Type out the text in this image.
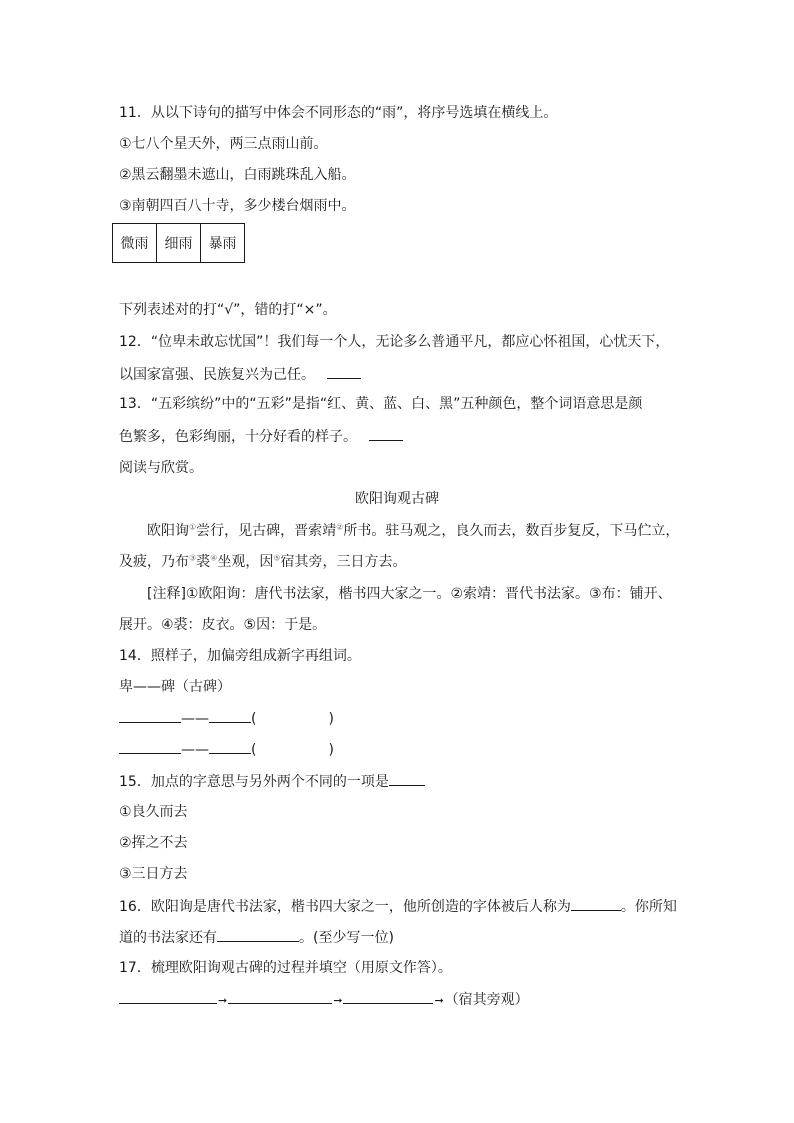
11．从以下诗句的描写中体会不同形态的“雨”，将序号选填在横线上。
①七八个星天外，两三点雨山前。
②黑云翻墨未遮山，白雨跳珠乱入船。
③南朝四百八十寺，多少楼台烟雨中。
微雨	细雨	暴雨
下列表述对的打“√”，错的打“×”。
12．“位卑未敢忘忧国”！我们每一个人，无论多么普通平凡，都应心怀祖国，心忧天下，
以国家富强、民族复兴为己任。
13．“五彩缤纷”中的“五彩”是指“红、黄、蓝、白、黑”五种颜色，整个词语意思是颜
色繁多，色彩绚丽，十分好看的样子。
阅读与欣赏。
欧阳询观古碑
欧阳询①尝行，见古碑，晋索靖②所书。驻马观之，良久而去，数百步复反，下马伫立，
及疲，乃布③裘④坐观，因⑤宿其旁，三日方去。
[注释]①欧阳询：唐代书法家，楷书四大家之一。②索靖：晋代书法家。③布：铺开、
展开。④裘：皮衣。⑤因：于是。
14．照样子，加偏旁组成新字再组词。
卑——碑（古碑）
——	(	)
——	(	)
15．加点的字意思与另外两个不同的一项是
①良久而去
②挥之不去
③三日方去
16．欧阳询是唐代书法家，楷书四大家之一，他所创造的字体被后人称为	。你所知
道的书法家还有	。(至少写一位)
17．梳理欧阳询观古碑的过程并填空（用原文作答）。
➞	➞	➞（宿其旁观）
